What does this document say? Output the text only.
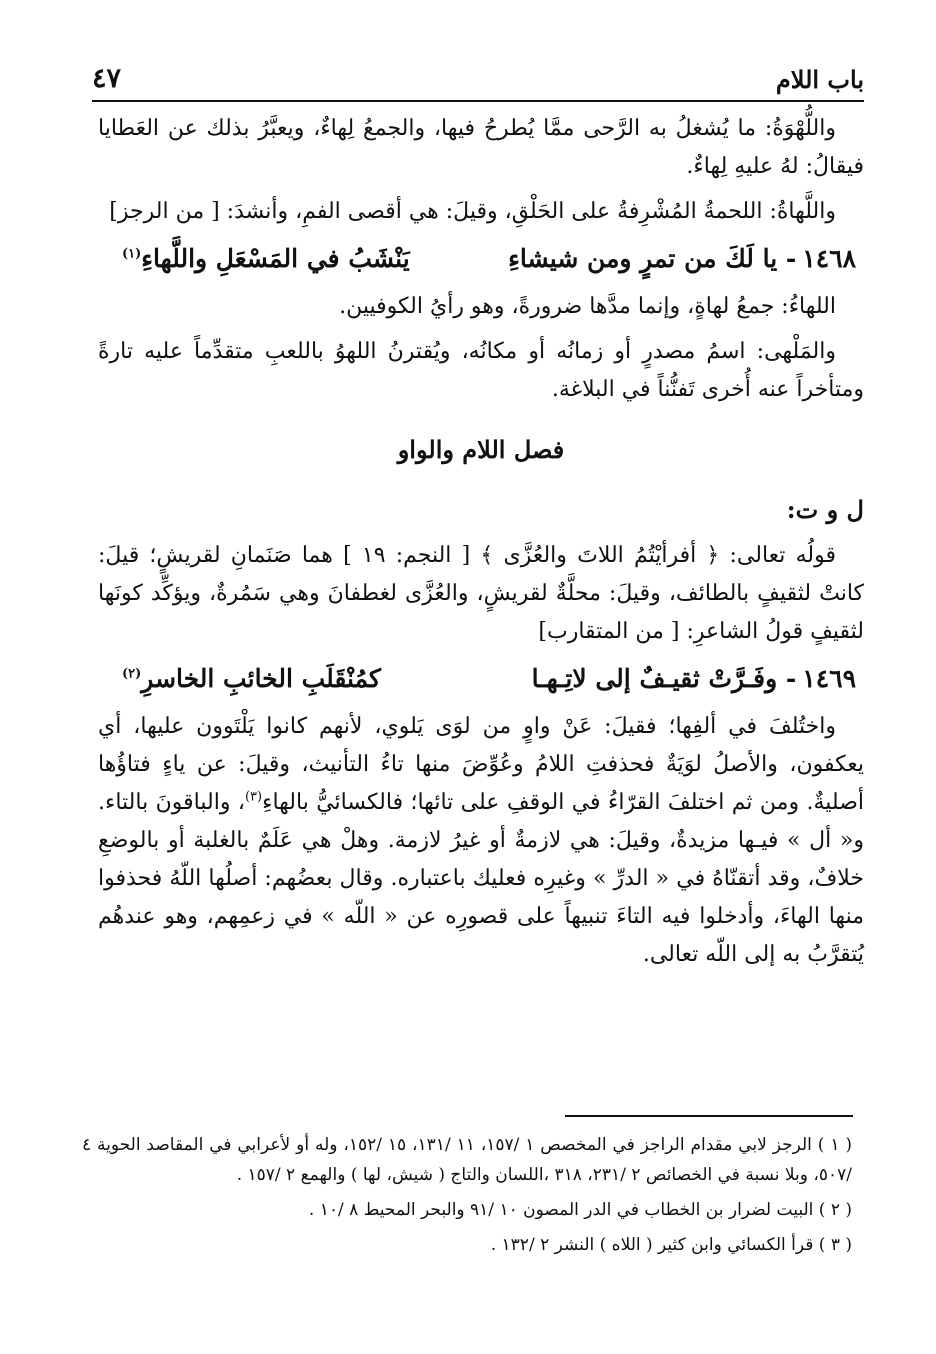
باب اللام
٤٧

واللُّهْوَةُ: ما يُشغلُ به الرَّحى ممَّا يُطرحُ فيها، والجمعُ لِهاءٌ، ويعبَّرُ بذلك عن العَطايا فيقالُ: لهُ عليهِ لِهاءٌ.

واللَّهاةُ: اللحمةُ المُشْرِفةُ على الحَلْقِ، وقيلَ: هي أقصى الفمِ، وأنشدَ: [ من الرجز]

١٤٦٨- يا لَكَ من تمرٍ ومن شيشاءِ
يَنْشَبُ في المَسْعَلِ واللَّهاءِ$^{(١)}$

اللهاءُ: جمعُ لهاةٍ، وإنما مدَّها ضرورةً، وهو رأيُ الكوفيين.

والمَلْهى: اسمُ مصدرٍ أو زمانُه أو مكانُه، ويُقترنُ اللهوُ باللعبِ متقدِّماً عليه تارةً ومتأخراً عنه أُخرى تَفنُّناً في البلاغة.

فصل اللام والواو
ل و ت:

قولُه تعالى: ﴿ أفرأيْتُمُ اللاتَ والعُزَّى ﴾ [ النجم: ١٩ ] هما صَنَمانِ لقريشٍ؛ قيلَ: كانتْ لثقيفٍ بالطائف، وقيلَ: محلَّةٌ لقريشٍ، والعُزَّى لغطفانَ وهي سَمُرةٌ، ويؤكِّد كونَها لثقيفٍ قولُ الشاعرِ: [ من المتقارب]

١٤٦٩- وفَـرَّتْ ثقيـفٌ إلى لاتِـهـا
كمُنْقَلَبِ الخائبِ الخاسرِ$^{(٢)}$

واختُلفَ في ألفِها؛ فقيلَ: عَنْ واوٍ من لوَى يَلوي، لأنهم كانوا يَلْتَوون عليها، أي يعكفون، والأصلُ لوَيَةٌ فحذفتِ اللامُ وعُوِّضَ منها تاءُ التأنيث، وقيلَ: عن ياءٍ فتاؤُها أصليةٌ. ومن ثم اختلفَ القرّاءُ في الوقفِ على تائها؛ فالكسائيُّ بالهاءِ$^{(٣)}$، والباقونَ بالتاء. و« أل » فيـها مزيدةٌ، وقيلَ: هي لازمةٌ أو غيرُ لازمة. وهلْ هي عَلَمٌ بالغلبة أو بالوضعِ خلافٌ، وقد أتقنّاهُ في « الدرِّ » وغيرِه فعليك باعتباره. وقال بعضُهم: أصلُها اللّهُ فحذفوا منها الهاءَ، وأدخلوا فيه التاءَ تنبيهاً على قصورِه عن « اللّه » في زعمِهم، وهو عندهُم يُتقرَّبُ به إلى اللّه تعالى.

( ١ ) الرجز لابي مقدام الراجز في المخصص ١ /١٥٧، ١١ /١٣١، ١٥ /١٥٢، وله أو لأعرابي في المقاصد الحوية ٤ /٥٠٧، وبلا نسبة في الخصائص ٢ /٢٣١، ٣١٨ ،اللسان والتاج ( شيش، لها ) والهمع ٢ /١٥٧ .

( ٢ ) البيت لضرار بن الخطاب في الدر المصون ١٠ /٩١ والبحر المحيط ٨ /١٠ .

( ٣ ) قرأ الكسائي وابن كثير ( اللاه ) النشر ٢ /١٣٢ .
